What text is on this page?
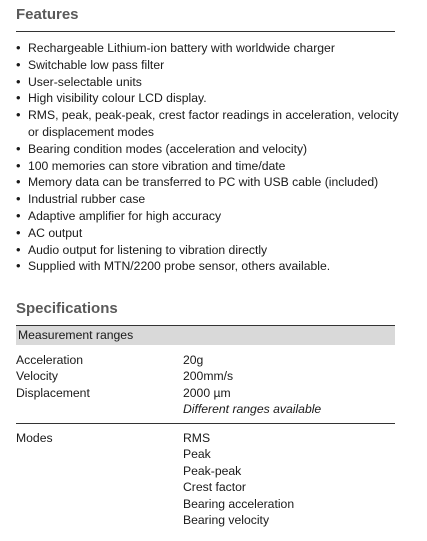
Features
• Rechargeable Lithium-ion battery with worldwide charger
• Switchable low pass filter
• User-selectable units
• High visibility colour LCD display.
• RMS, peak, peak-peak, crest factor readings in acceleration, velocity or displacement modes
• Bearing condition modes (acceleration and velocity)
• 100 memories can store vibration and time/date
• Memory data can be transferred to PC with USB cable (included)
• Industrial rubber case
• Adaptive amplifier for high accuracy
• AC output
• Audio output for listening to vibration directly
• Supplied with MTN/2200 probe sensor, others available.
Specifications
Measurement ranges
Acceleration
Velocity
Displacement
20g
200mm/s
2000 µm
Different ranges available
Modes	RMS
Peak
Peak-peak
Crest factor
Bearing acceleration
Bearing velocity
